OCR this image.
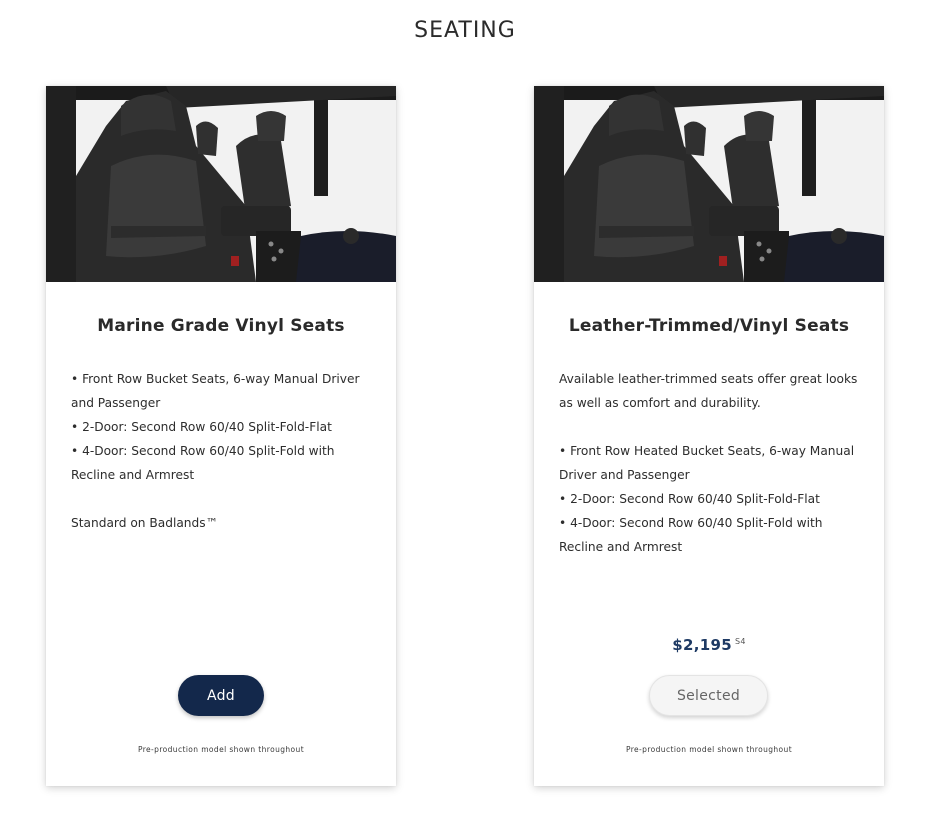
SEATING
Marine Grade Vinyl Seats

• Front Row Bucket Seats, 6-way Manual Driver and Passenger

• 2-Door: Second Row 60/40 Split-Fold-Flat

• 4-Door: Second Row 60/40 Split-Fold with Recline and Armrest

Standard on Badlands™

Add
Pre-production model shown throughout
Leather-Trimmed/Vinyl Seats

Available leather-trimmed seats offer great looks as well as comfort and durability.

• Front Row Heated Bucket Seats, 6-way Manual Driver and Passenger

• 2-Door: Second Row 60/40 Split-Fold-Flat

• 4-Door: Second Row 60/40 Split-Fold with Recline and Armrest

$2,195 $^{S4}$
Selected
Pre-production model shown throughout
